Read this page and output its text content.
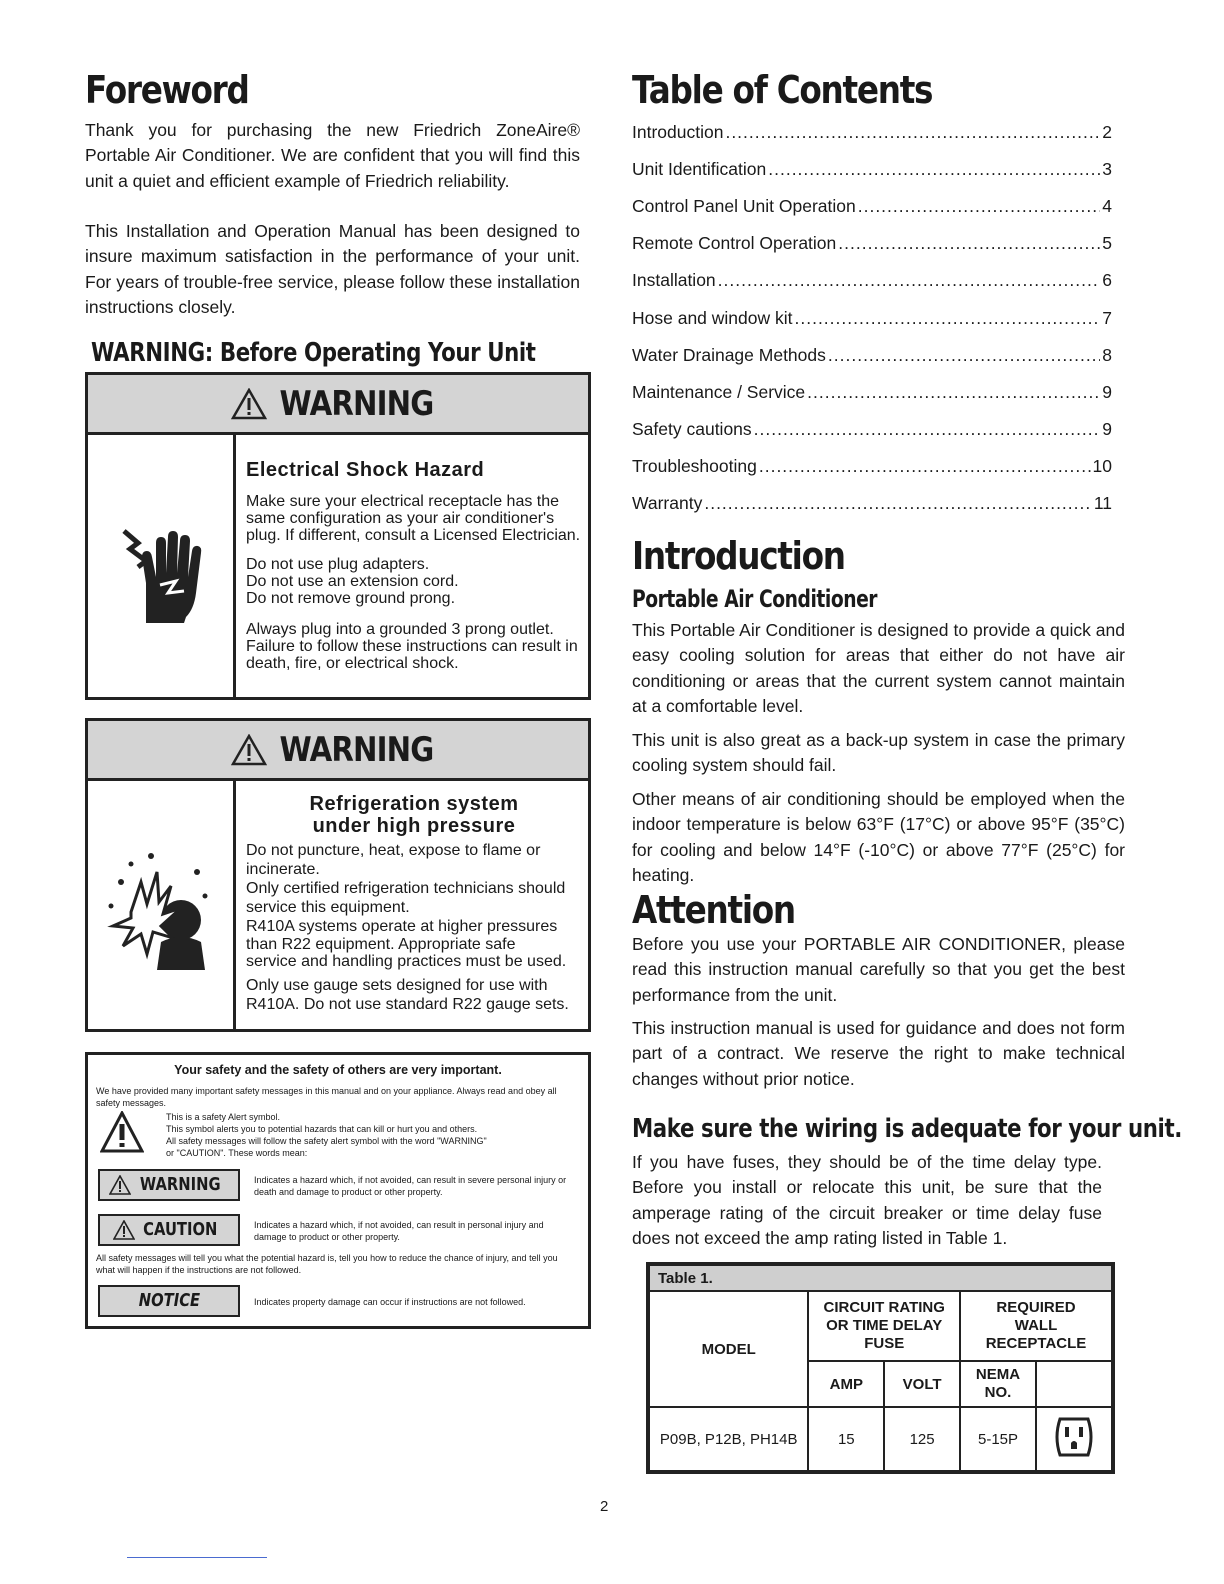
Foreword

Thank you for purchasing the new Friedrich ZoneAire® Portable Air Conditioner. We are confident that you will find this unit a quiet and efficient example of Friedrich reliability.

This Installation and Operation Manual has been designed to insure maximum satisfaction in the performance of your unit. For years of trouble-free service, please follow these installation instructions closely.

WARNING: Before Operating Your Unit
WARNING
Electrical Shock Hazard
Make sure your electrical receptacle has the
same configuration as your air conditioner's
plug. If different, consult a Licensed Electrician.
Do not use plug adapters.
Do not use an extension cord.
Do not remove ground prong.
Always plug into a grounded 3 prong outlet.
Failure to follow these instructions can result in
death, fire, or electrical shock.
WARNING
Refrigeration system
under high pressure
Do not puncture, heat, expose to flame or
incinerate.
Only certified refrigeration technicians should
service this equipment.
R410A systems operate at higher pressures
than R22 equipment. Appropriate safe
service and handling practices must be used.
Only use gauge sets designed for use with
R410A. Do not use standard R22 gauge sets.
Your safety and the safety of others are very important.
We have provided many important safety messages in this manual and on your appliance. Always read and obey all safety messages.
This is a safety Alert symbol.
This symbol alerts you to potential hazards that can kill or hurt you and others.
All safety messages will follow the safety alert symbol with the word "WARNING"
or "CAUTION". These words mean:
WARNING	Indicates a hazard which, if not avoided, can result in severe personal injury or death and damage to product or other property.
CAUTION	Indicates a hazard which, if not avoided, can result in personal injury and damage to product or other property.
All safety messages will tell you what the potential hazard is, tell you how to reduce the chance of injury, and tell you what will happen if the instructions are not followed.
NOTICE	Indicates property damage can occur if instructions are not followed.
Table of Contents
Introduction .....	2
Unit Identification .....	3
Control Panel Unit Operation .....	4
Remote Control Operation .....	5
Installation .....	6
Hose and window kit .....	7
Water Drainage Methods .....	8
Maintenance / Service .....	9
Safety cautions .....	9
Troubleshooting .....	10
Warranty .....	11
Introduction
Portable Air Conditioner

This Portable Air Conditioner is designed to provide a quick and easy cooling solution for areas that either do not have air conditioning or areas that the current system cannot maintain at a comfortable level.

This unit is also great as a back-up system in case the primary cooling system should fail.

Other means of air conditioning should be employed when the indoor temperature is below 63°F (17°C) or above 95°F (35°C) for cooling and below 14°F (-10°C) or above 77°F (25°C) for heating.

Attention

Before you use your PORTABLE AIR CONDITIONER, please read this instruction manual carefully so that you get the best performance from the unit.

This instruction manual is used for guidance and does not form part of a contract. We reserve the right to make technical changes without prior notice.

Make sure the wiring is adequate for your unit.

If you have fuses, they should be of the time delay type. Before you install or relocate this unit, be sure that the amperage rating of the circuit breaker or time delay fuse does not exceed the amp rating listed in Table 1.

Table 1.				
MODEL	CIRCUIT RATING OR TIME DELAY FUSE		REQUIRED WALL RECEPTACLE	
	AMP	VOLT	NEMA NO.	
P09B, P12B, PH14B	15	125	5-15P	
2
